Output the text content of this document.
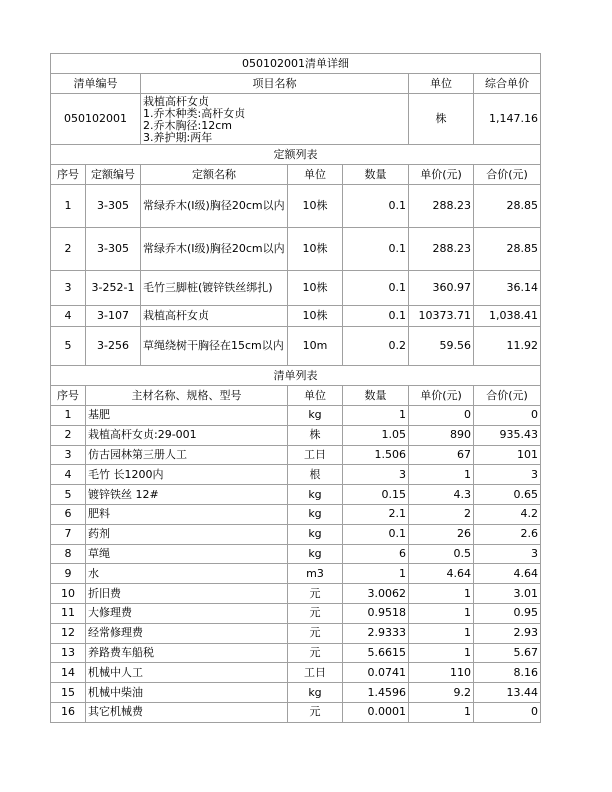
050102001清单详细						
清单编号		项目名称			单位	综合单价
050102001		栽植高杆女贞
1.乔木种类:高杆女贞
2.乔木胸径:12cm
3.养护期:两年			株	1,147.16
定额列表						
序号	定额编号	定额名称	单位	数量	单价(元)	合价(元)
1	3-305	常绿乔木(I级)胸径20cm以内	10株	0.1	288.23	28.85
2	3-305	常绿乔木(I级)胸径20cm以内	10株	0.1	288.23	28.85
3	3-252-1	毛竹三脚桩(镀锌铁丝绑扎)	10株	0.1	360.97	36.14
4	3-107	栽植高杆女贞	10株	0.1	10373.71	1,038.41
5	3-256	草绳绕树干胸径在15cm以内	10m	0.2	59.56	11.92
清单列表						
序号	主材名称、规格、型号		单位	数量	单价(元)	合价(元)
1	基肥		kg	1	0	0
2	栽植高杆女贞:29-001		株	1.05	890	935.43
3	仿古园林第三册人工		工日	1.506	67	101
4	毛竹 长1200内		根	3	1	3
5	镀锌铁丝 12#		kg	0.15	4.3	0.65
6	肥料		kg	2.1	2	4.2
7	药剂		kg	0.1	26	2.6
8	草绳		kg	6	0.5	3
9	水		m3	1	4.64	4.64
10	折旧费		元	3.0062	1	3.01
11	大修理费		元	0.9518	1	0.95
12	经常修理费		元	2.9333	1	2.93
13	养路费车船税		元	5.6615	1	5.67
14	机械中人工		工日	0.0741	110	8.16
15	机械中柴油		kg	1.4596	9.2	13.44
16	其它机械费		元	0.0001	1	0
